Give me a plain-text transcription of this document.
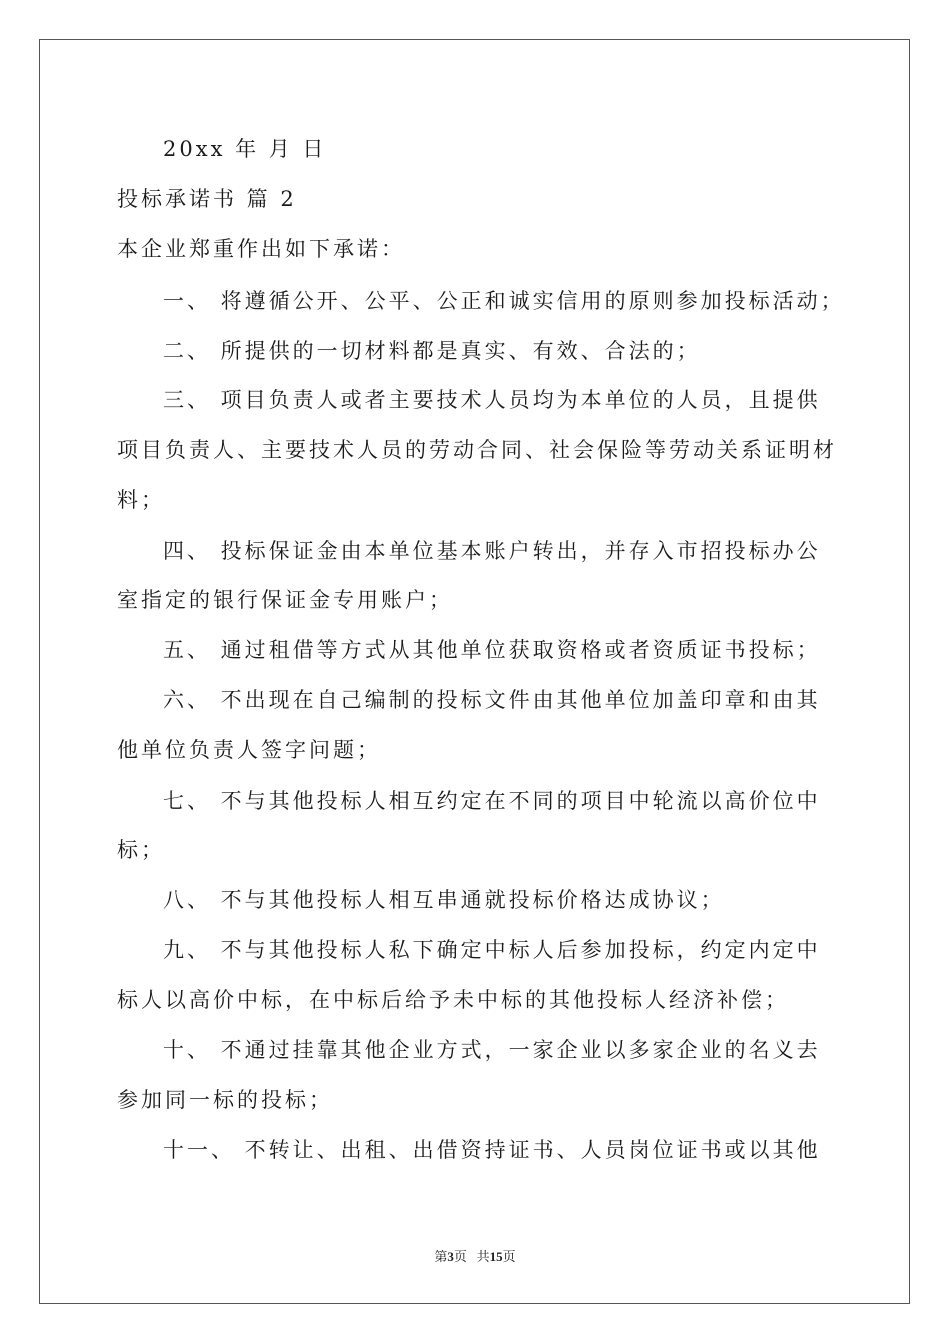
20xx 年 月 日
投标承诺书 篇 2
本企业郑重作出如下承诺：
一、 将遵循公开、公平、公正和诚实信用的原则参加投标活动；
二、 所提供的一切材料都是真实、有效、合法的；
三、 项目负责人或者主要技术人员均为本单位的人员，且提供
项目负责人、主要技术人员的劳动合同、社会保险等劳动关系证明材
料；
四、 投标保证金由本单位基本账户转出，并存入市招投标办公
室指定的银行保证金专用账户；
五、 通过租借等方式从其他单位获取资格或者资质证书投标；
六、 不出现在自己编制的投标文件由其他单位加盖印章和由其
他单位负责人签字问题；
七、 不与其他投标人相互约定在不同的项目中轮流以高价位中
标；
八、 不与其他投标人相互串通就投标价格达成协议；
九、 不与其他投标人私下确定中标人后参加投标，约定内定中
标人以高价中标，在中标后给予未中标的其他投标人经济补偿；
十、 不通过挂靠其他企业方式，一家企业以多家企业的名义去
参加同一标的投标；
十一、 不转让、出租、出借资持证书、人员岗位证书或以其他
第3页 共15页
